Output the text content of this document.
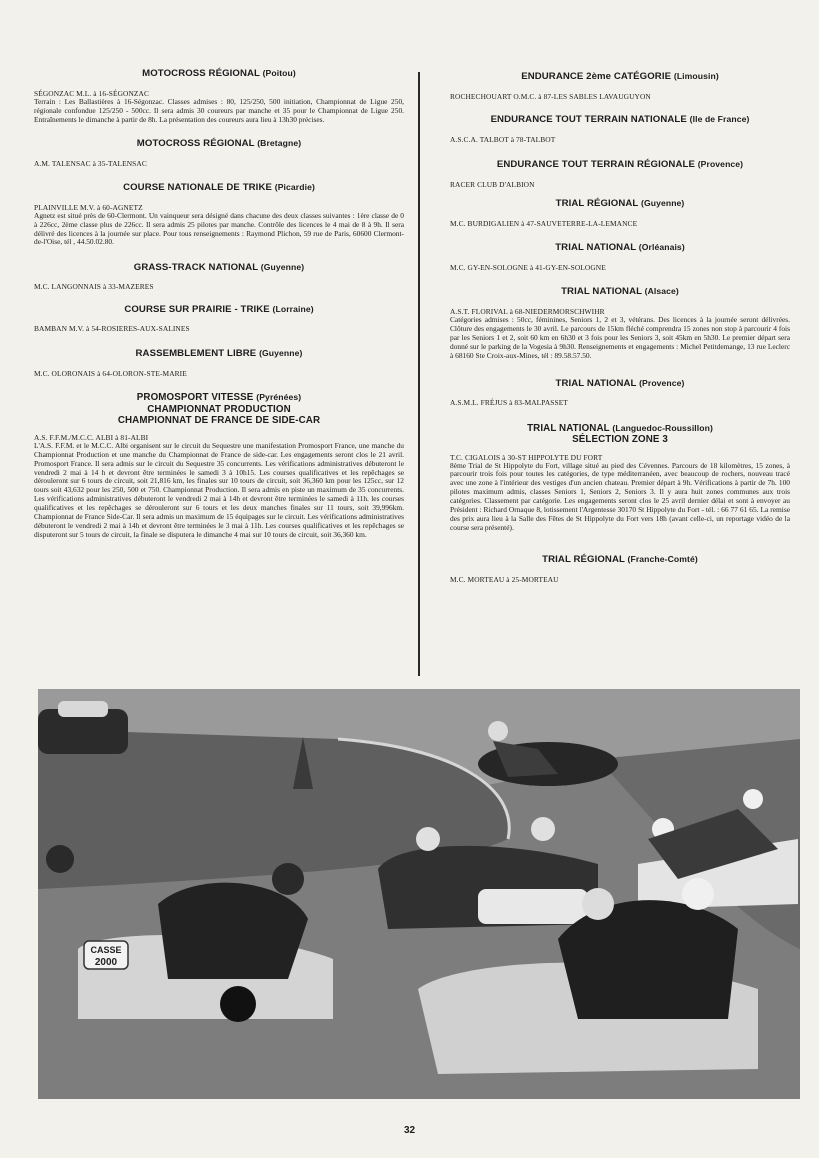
MOTOCROSS RÉGIONAL (Poitou)

SÉGONZAC M.L. à 16-SÉGONZAC

Terrain : Les Ballastières à 16-Ségonzac. Classes admises : 80, 125/250, 500 initiation, Championnat de Ligue 250, régionale confondue 125/250 - 500cc. Il sera admis 30 coureurs par manche et 35 pour le Championnat de Ligue 250. Entraînements le dimanche à partir de 8h. La présentation des coureurs aura lieu à 13h30 précises.

MOTOCROSS RÉGIONAL (Bretagne)

A.M. TALENSAC à 35-TALENSAC

COURSE NATIONALE DE TRIKE (Picardie)

PLAINVILLE M.V. à 60-AGNETZ

Agnetz est situé près de 60-Clermont. Un vainqueur sera désigné dans chacune des deux classes suivantes : 1ère classe de 0 à 226cc, 2ème classe plus de 226cc. Il sera admis 25 pilotes par manche. Contrôle des licences le 4 mai de 8 à 9h. Il sera délivré des licences à la journée sur place. Pour tous renseignements : Raymond Plichon, 59 rue de Paris, 60600 Clermont-de-l'Oise, tél , 44.50.02.80.

GRASS-TRACK NATIONAL (Guyenne)

M.C. LANGONNAIS à 33-MAZERES

COURSE SUR PRAIRIE - TRIKE (Lorraine)

BAMBAN M.V. à 54-ROSIERES-AUX-SALINES

RASSEMBLEMENT LIBRE (Guyenne)

M.C. OLORONAIS à 64-OLORON-STE-MARIE

PROMOSPORT VITESSE (Pyrénées)

CHAMPIONNAT PRODUCTION

CHAMPIONNAT DE FRANCE DE SIDE-CAR

A.S. F.F.M./M.C.C. ALBI à 81-ALBI

L'A.S. F.F.M. et le M.C.C. Albi organisent sur le circuit du Sequestre une manifestation Promosport France, une manche du Championnat Production et une manche du Championnat de France de side-car. Les engagements seront clos le 21 avril. Promosport France. Il sera admis sur le circuit du Sequestre 35 concurrents. Les vérifications administratives débuteront le vendredi 2 mai à 14 h et devront être terminées le samedi 3 à 10h15. Les courses qualificatives et les repêchages se dérouleront sur 6 tours de circuit, soit 21,816 km, les finales sur 10 tours de circuit, soit 36,360 km pour les 125cc, sur 12 tours soit 43,632 pour les 250, 500 et 750. Championnat Production. Il sera admis en piste un maximum de 35 concurrents. Les vérifications administratives débuteront le vendredi 2 mai à 14h et devront être terminées le samedi à 11h. les courses qualificatives et les repêchages se dérouleront sur 6 tours et les deux manches finales sur 11 tours, soit 39,996km. Championnat de France Side-Car. Il sera admis un maximum de 15 équipages sur le circuit. Les vérifications administratives débuteront le vendredi 2 mai à 14h et devront être terminées le 3 mai à 11h. Les courses qualificatives et les repêchages se disputeront sur 5 tours de circuit, la finale se disputera le dimanche 4 mai sur 10 tours de circuit, soit 36,360 km.

ENDURANCE 2ème CATÉGORIE (Limousin)

ROCHECHOUART O.M.C. à 87-LES SABLES LAVAUGUYON

ENDURANCE TOUT TERRAIN NATIONALE (Ile de France)

A.S.C.A. TALBOT à 78-TALBOT

ENDURANCE TOUT TERRAIN RÉGIONALE (Provence)

RACER CLUB D'ALBION

TRIAL RÉGIONAL (Guyenne)

M.C. BURDIGALIEN à 47-SAUVETERRE-LA-LEMANCE

TRIAL NATIONAL (Orléanais)

M.C. GY-EN-SOLOGNE à 41-GY-EN-SOLOGNE

TRIAL NATIONAL (Alsace)

A.S.T. FLORIVAL à 68-NIEDERMORSCHWIHR

Catégories admises : 50cc, féminines, Seniors 1, 2 et 3, vétérans. Des licences à la journée seront délivrées. Clôture des engagements le 30 avril. Le parcours de 15km fléché comprendra 15 zones non stop à parcourir 4 fois par les Seniors 1 et 2, soit 60 km en 6h30 et 3 fois pour les Seniors 3, soit 45km en 5h30. Le premier départ sera donné sur le parking de la Vogesia à 9h30. Renseignements et engagements : Michel Petitdemange, 13 rue Leclerc à 68160 Ste Croix-aux-Mines, tél : 89.58.57.50.

TRIAL NATIONAL (Provence)

A.S.M.L. FRÉJUS à 83-MALPASSET

TRIAL NATIONAL (Languedoc-Roussillon)

SÉLECTION ZONE 3

T.C. CIGALOIS à 30-ST HIPPOLYTE DU FORT

8ème Trial de St Hippolyte du Fort, village situé au pied des Cévennes. Parcours de 18 kilomètres, 15 zones, à parcourir trois fois pour toutes les catégories, de type méditerranéen, avec beaucoup de rochers, nouveau tracé avec une zone à l'intérieur des vestiges d'un ancien chateau. Premier départ à 9h. Vérifications à partir de 7h. 100 pilotes maximum admis, classes Seniors 1, Seniors 2, Seniors 3. Il y aura huit zones communes aux trois catégories. Classement par catégorie. Les engagements seront clos le 25 avril dernier délai et sont à envoyer au Président : Richard Ornaque 8, lotissement l'Argentesse 30170 St Hippolyte du Fort - tél. : 66 77 61 65. La remise des prix aura lieu à la Salle des Fêtes de St Hippolyte du Fort vers 18h (avant celle-ci, un reportage vidéo de la course sera présenté).

TRIAL RÉGIONAL (Franche-Comté)

M.C. MORTEAU à 25-MORTEAU

CASSE
2000
32
